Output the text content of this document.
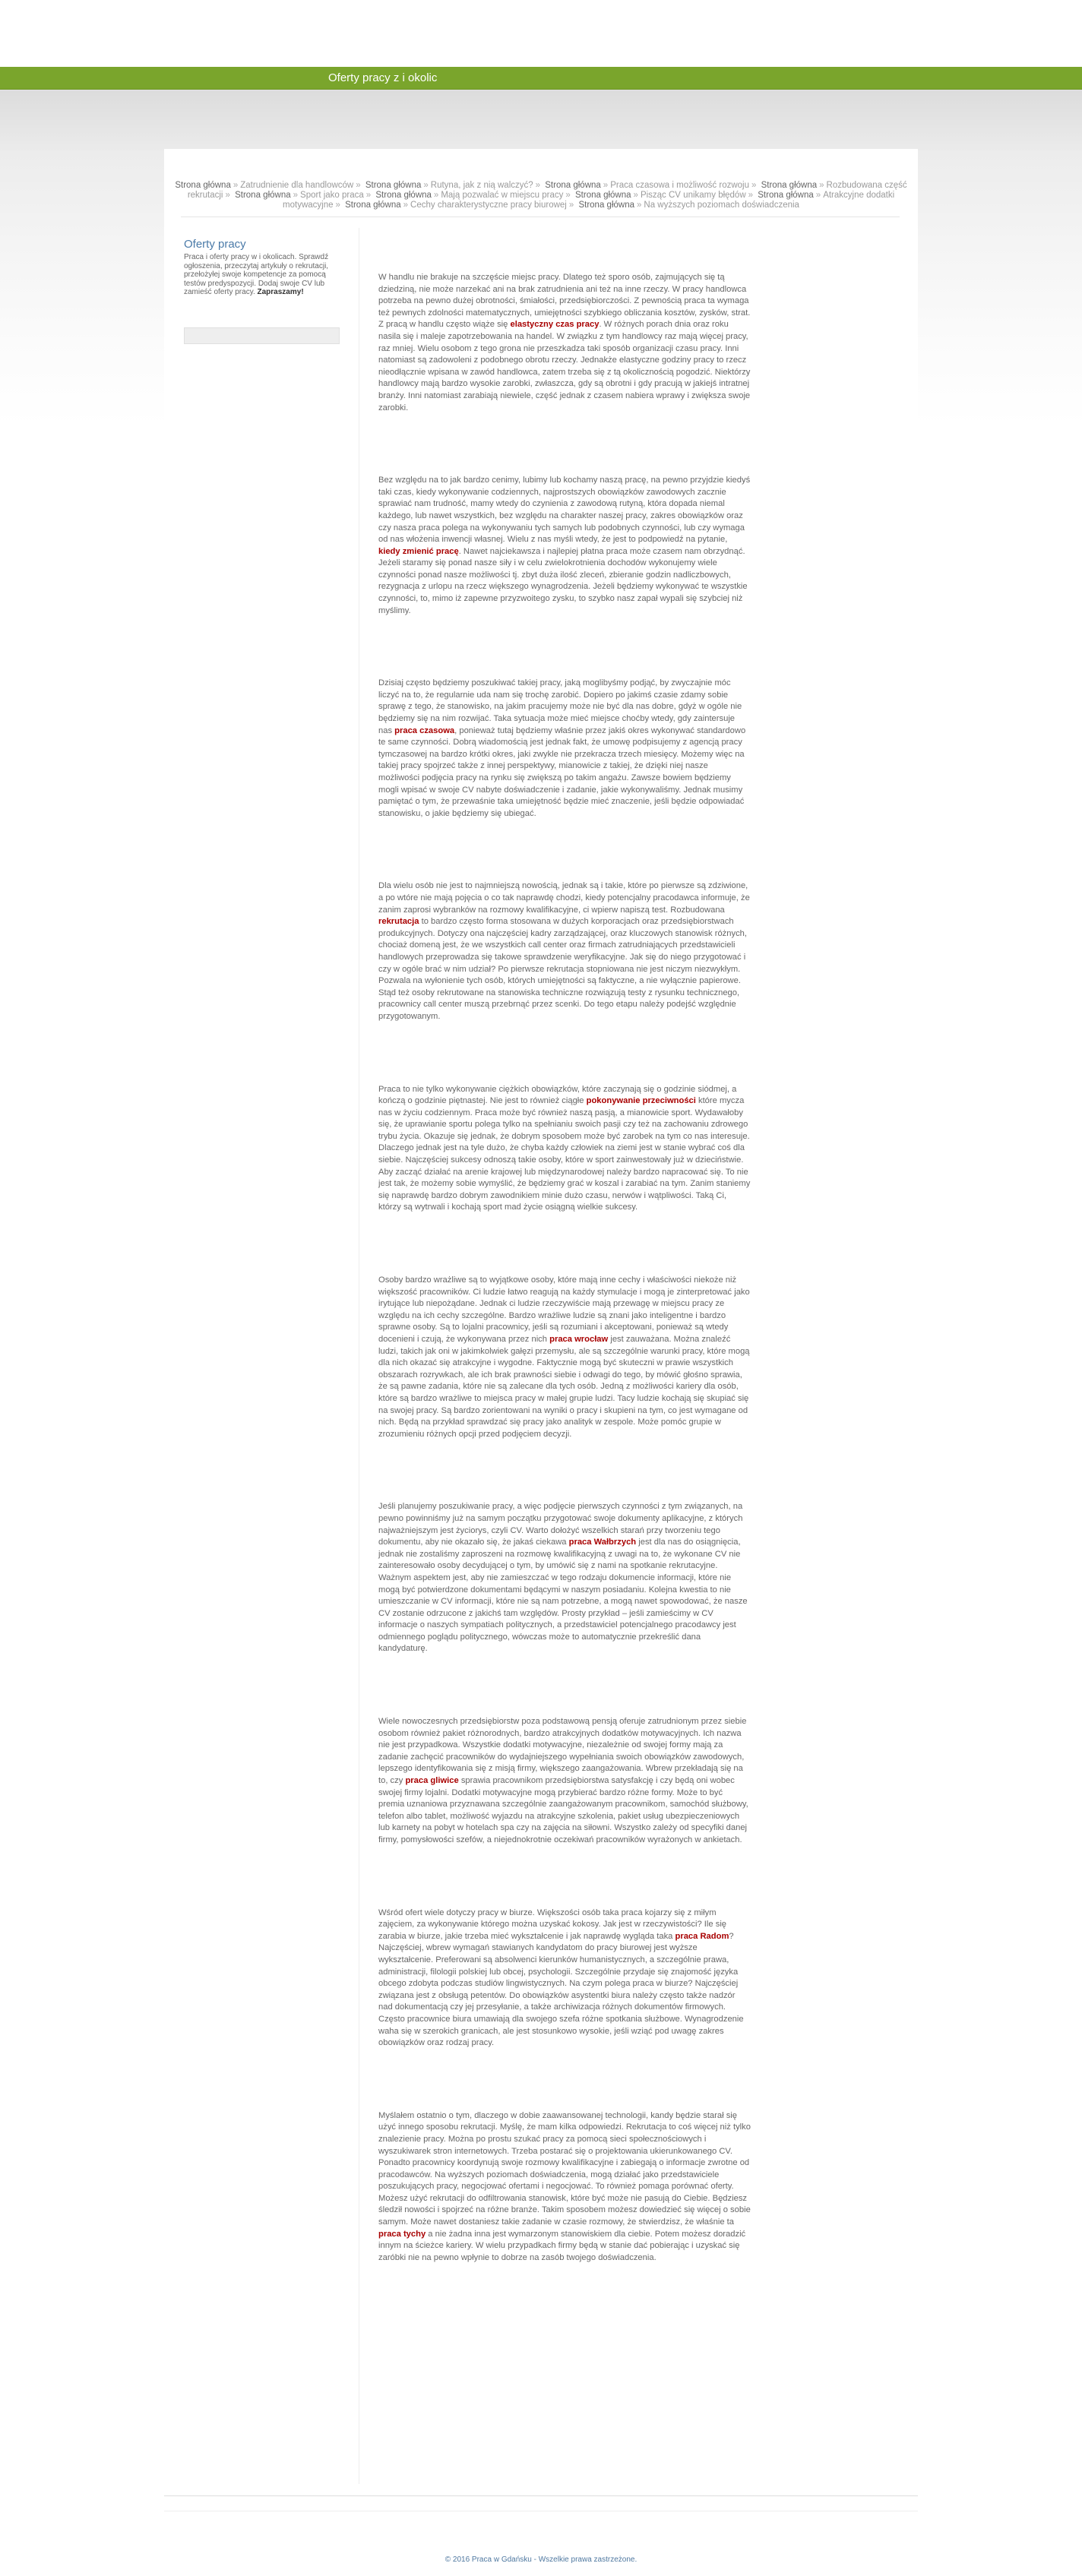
Oferty pracy z i okolic
Strona główna » Zatrudnienie dla handlowców » Strona główna » Rutyna, jak z nią walczyć? » Strona główna » Praca czasowa i możliwość rozwoju » Strona główna » Rozbudowana część rekrutacji » Strona główna » Sport jako praca » Strona główna » Mają pozwalać w miejscu pracy » Strona główna » Pisząc CV unikamy błędów » Strona główna » Atrakcyjne dodatki motywacyjne » Strona główna » Cechy charakterystyczne pracy biurowej » Strona główna » Na wyższych poziomach doświadczenia
Oferty pracy

Praca i oferty pracy w i okolicach. Sprawdź ogłoszenia, przeczytaj artykuły o rekrutacji, przełożyłej swoje kompetencje za pomocą testów predyspozycji. Dodaj swoje CV lub zamieść oferty pracy. Zapraszamy!

W handlu nie brakuje na szczęście miejsc pracy. Dlatego też sporo osób, zajmujących się tą dziedziną, nie może narzekać ani na brak zatrudnienia ani też na inne rzeczy. W pracy handlowca potrzeba na pewno dużej obrotności, śmiałości, przedsiębiorczości. Z pewnością praca ta wymaga też pewnych zdolności matematycznych, umiejętności szybkiego obliczania kosztów, zysków, strat. Z pracą w handlu często wiąże się elastyczny czas pracy. W różnych porach dnia oraz roku nasila się i maleje zapotrzebowania na handel. W związku z tym handlowcy raz mają więcej pracy, raz mniej. Wielu osobom z tego grona nie przeszkadza taki sposób organizacji czasu pracy. Inni natomiast są zadowoleni z podobnego obrotu rzeczy. Jednakże elastyczne godziny pracy to rzecz nieodłącznie wpisana w zawód handlowca, zatem trzeba się z tą okolicznością pogodzić. Niektórzy handlowcy mają bardzo wysokie zarobki, zwłaszcza, gdy są obrotni i gdy pracują w jakiejś intratnej branży. Inni natomiast zarabiają niewiele, część jednak z czasem nabiera wprawy i zwiększa swoje zarobki.

Bez względu na to jak bardzo cenimy, lubimy lub kochamy naszą pracę, na pewno przyjdzie kiedyś taki czas, kiedy wykonywanie codziennych, najprostszych obowiązków zawodowych zacznie sprawiać nam trudność, mamy wtedy do czynienia z zawodową rutyną, która dopada niemal każdego, lub nawet wszystkich, bez względu na charakter naszej pracy, zakres obowiązków oraz czy nasza praca polega na wykonywaniu tych samych lub podobnych czynności, lub czy wymaga od nas włożenia inwencji własnej. Wielu z nas myśli wtedy, że jest to podpowiedź na pytanie, kiedy zmienić pracę. Nawet najciekawsza i najlepiej płatna praca może czasem nam obrzydnąć. Jeżeli staramy się ponad nasze siły i w celu zwielokrotnienia dochodów wykonujemy wiele czynności ponad nasze możliwości tj. zbyt duża ilość zleceń, zbieranie godzin nadliczbowych, rezygnacja z urlopu na rzecz większego wynagrodzenia. Jeżeli będziemy wykonywać te wszystkie czynności, to, mimo iż zapewne przyzwoitego zysku, to szybko nasz zapał wypali się szybciej niż myślimy.

Dzisiaj często będziemy poszukiwać takiej pracy, jaką moglibyśmy podjąć, by zwyczajnie móc liczyć na to, że regularnie uda nam się trochę zarobić. Dopiero po jakimś czasie zdamy sobie sprawę z tego, że stanowisko, na jakim pracujemy może nie być dla nas dobre, gdyż w ogóle nie będziemy się na nim rozwijać. Taka sytuacja może mieć miejsce choćby wtedy, gdy zaintersuje nas praca czasowa, ponieważ tutaj będziemy właśnie przez jakiś okres wykonywać standardowo te same czynności. Dobrą wiadomością jest jednak fakt, że umowę podpisujemy z agencją pracy tymczasowej na bardzo krótki okres, jaki zwykle nie przekracza trzech miesięcy. Możemy więc na takiej pracy spojrzeć także z innej perspektywy, mianowicie z takiej, że dzięki niej nasze możliwości podjęcia pracy na rynku się zwiększą po takim angażu. Zawsze bowiem będziemy mogli wpisać w swoje CV nabyte doświadczenie i zadanie, jakie wykonywaliśmy. Jednak musimy pamiętać o tym, że przewaśnie taka umiejętność będzie mieć znaczenie, jeśli będzie odpowiadać stanowisku, o jakie będziemy się ubiegać.

Dla wielu osób nie jest to najmniejszą nowością, jednak są i takie, które po pierwsze są zdziwione, a po wtóre nie mają pojęcia o co tak naprawdę chodzi, kiedy potencjalny pracodawca informuje, że zanim zaprosi wybranków na rozmowy kwalifikacyjne, ci wpierw napiszą test. Rozbudowana rekrutacja to bardzo często forma stosowana w dużych korporacjach oraz przedsiębiorstwach produkcyjnych. Dotyczy ona najczęściej kadry zarządzającej, oraz kluczowych stanowisk różnych, chociaż domeną jest, że we wszystkich call center oraz firmach zatrudniających przedstawicieli handlowych przeprowadza się takowe sprawdzenie weryfikacyjne. Jak się do niego przygotować i czy w ogóle brać w nim udział? Po pierwsze rekrutacja stopniowana nie jest niczym niezwykłym. Pozwala na wyłonienie tych osób, których umiejętności są faktyczne, a nie wyłącznie papierowe. Stąd też osoby rekrutowane na stanowiska techniczne rozwiązują testy z rysunku technicznego, pracownicy call center muszą przebrnąć przez scenki. Do tego etapu należy podejść względnie przygotowanym.

Praca to nie tylko wykonywanie ciężkich obowiązków, które zaczynają się o godzinie siódmej, a kończą o godzinie piętnastej. Nie jest to również ciągłe pokonywanie przeciwności które mycza nas w życiu codziennym. Praca może być również naszą pasją, a mianowicie sport. Wydawałoby się, że uprawianie sportu polega tylko na spełnianiu swoich pasji czy też na zachowaniu zdrowego trybu życia. Okazuje się jednak, że dobrym sposobem może być zarobek na tym co nas interesuje. Dlaczego jednak jest na tyle dużo, że chyba każdy człowiek na ziemi jest w stanie wybrać coś dla siebie. Najczęściej sukcesy odnoszą takie osoby, które w sport zainwestowały już w dzieciństwie. Aby zacząć działać na arenie krajowej lub międzynarodowej należy bardzo napracować się. To nie jest tak, że możemy sobie wymyślić, że będziemy grać w koszal i zarabiać na tym. Zanim staniemy się naprawdę bardzo dobrym zawodnikiem minie dużo czasu, nerwów i wątpliwości. Taką Ci, którzy są wytrwali i kochają sport mad życie osiągną wielkie sukcesy.

Osoby bardzo wrażliwe są to wyjątkowe osoby, które mają inne cechy i właściwości niekoże niż większość pracowników. Ci ludzie łatwo reagują na każdy stymulacje i mogą je zinterpretować jako irytujące lub niepożądane. Jednak ci ludzie rzeczywiście mają przewagę w miejscu pracy ze względu na ich cechy szczególne. Bardzo wrażliwe ludzie są znani jako inteligentne i bardzo sprawne osoby. Są to lojalni pracownicy, jeśli są rozumiani i akceptowani, ponieważ są wtedy docenieni i czują, że wykonywana przez nich praca wrocław jest zauważana. Można znaleźć ludzi, takich jak oni w jakimkolwiek gałęzi przemysłu, ale są szczególnie warunki pracy, które mogą dla nich okazać się atrakcyjne i wygodne. Faktycznie mogą być skuteczni w prawie wszystkich obszarach rozrywkach, ale ich brak prawności siebie i odwagi do tego, by mówić głośno sprawia, że są pawne zadania, które nie są zalecane dla tych osób. Jedną z możliwości kariery dla osób, które są bardzo wrażliwe to miejsca pracy w małej grupie ludzi. Tacy ludzie kochają się skupiać się na swojej pracy. Są bardzo zorientowani na wyniki o pracy i skupieni na tym, co jest wymagane od nich. Będą na przykład sprawdzać się pracy jako analityk w zespole. Może pomóc grupie w zrozumieniu różnych opcji przed podjęciem decyzji.

Jeśli planujemy poszukiwanie pracy, a więc podjęcie pierwszych czynności z tym związanych, na pewno powinniśmy już na samym początku przygotować swoje dokumenty aplikacyjne, z których najważniejszym jest życiorys, czyli CV. Warto dołożyć wszelkich starań przy tworzeniu tego dokumentu, aby nie okazało się, że jakaś ciekawa praca Wałbrzych jest dla nas do osiągnięcia, jednak nie zostaliśmy zaproszeni na rozmowę kwalifikacyjną z uwagi na to, że wykonane CV nie zainteresowało osoby decydującej o tym, by umówić się z nami na spotkanie rekrutacyjne. Ważnym aspektem jest, aby nie zamieszczać w tego rodzaju dokumencie informacji, które nie mogą być potwierdzone dokumentami będącymi w naszym posiadaniu. Kolejna kwestia to nie umieszczanie w CV informacji, które nie są nam potrzebne, a mogą nawet spowodować, że nasze CV zostanie odrzucone z jakichś tam względów. Prosty przykład – jeśli zamieścimy w CV informacje o naszych sympatiach politycznych, a przedstawiciel potencjalnego pracodawcy jest odmiennego poglądu politycznego, wówczas może to automatycznie przekreślić dana kandydaturę.

Wiele nowoczesnych przedsiębiorstw poza podstawową pensją oferuje zatrudnionym przez siebie osobom również pakiet różnorodnych, bardzo atrakcyjnych dodatków motywacyjnych. Ich nazwa nie jest przypadkowa. Wszystkie dodatki motywacyjne, niezależnie od swojej formy mają za zadanie zachęcić pracowników do wydajniejszego wypełniania swoich obowiązków zawodowych, lepszego identyfikowania się z misją firmy, większego zaangażowania. Wbrew przekładają się na to, czy praca gliwice sprawia pracownikom przedsiębiorstwa satysfakcję i czy będą oni wobec swojej firmy lojalni. Dodatki motywacyjne mogą przybierać bardzo różne formy. Może to być premia uznaniowa przyznawana szczególnie zaangażowanym pracownikom, samochód służbowy, telefon albo tablet, możliwość wyjazdu na atrakcyjne szkolenia, pakiet usług ubezpieczeniowych lub karnety na pobyt w hotelach spa czy na zajęcia na siłowni. Wszystko zależy od specyfiki danej firmy, pomysłowości szefów, a niejednokrotnie oczekiwań pracowników wyrażonych w ankietach.

Wśród ofert wiele dotyczy pracy w biurze. Większości osób taka praca kojarzy się z miłym zajęciem, za wykonywanie którego można uzyskać kokosy. Jak jest w rzeczywistości? Ile się zarabia w biurze, jakie trzeba mieć wykształcenie i jak naprawdę wygląda taka praca Radom? Najczęściej, wbrew wymagań stawianych kandydatom do pracy biurowej jest wyższe wykształcenie. Preferowani są absolwenci kierunków humanistycznych, a szczególnie prawa, administracji, filologii polskiej lub obcej, psychologii. Szczególnie przydaje się znajomość języka obcego zdobyta podczas studiów lingwistycznych. Na czym polega praca w biurze? Najczęściej związana jest z obsługą petentów. Do obowiązków asystentki biura należy często także nadzór nad dokumentacją czy jej przesyłanie, a także archiwizacja różnych dokumentów firmowych. Często pracownice biura umawiają dla swojego szefa różne spotkania służbowe. Wynagrodzenie waha się w szerokich granicach, ale jest stosunkowo wysokie, jeśli wziąć pod uwagę zakres obowiązków oraz rodzaj pracy.

Myślałem ostatnio o tym, dlaczego w dobie zaawansowanej technologii, kandy będzie starał się użyć innego sposobu rekrutacji. Myślę, że mam kilka odpowiedzi. Rekrutacja to coś więcej niż tylko znalezienie pracy. Można po prostu szukać pracy za pomocą sieci społecznościowych i wyszukiwarek stron internetowych. Trzeba postarać się o projektowania ukierunkowanego CV. Ponadto pracownicy koordynują swoje rozmowy kwalifikacyjne i zabiegają o informacje zwrotne od pracodawców. Na wyższych poziomach doświadczenia, mogą działać jako przedstawiciele poszukujących pracy, negocjować ofertami i negocjować. To również pomaga porównać oferty. Możesz użyć rekrutacji do odfiltrowania stanowisk, które być może nie pasują do Ciebie. Będziesz śledził nowości i spojrzeć na różne branże. Takim sposobem możesz dowiedzieć się więcej o sobie samym. Może nawet dostaniesz takie zadanie w czasie rozmowy, że stwierdzisz, że właśnie ta praca tychy a nie żadna inna jest wymarzonym stanowiskiem dla ciebie. Potem możesz doradzić innym na ścieżce kariery. W wielu przypadkach firmy będą w stanie dać pobierając i uzyskać się zaróbki nie na pewno wpłynie to dobrze na zasób twojego doświadczenia.

© 2016 Praca w Gdańsku - Wszelkie prawa zastrzeżone.
